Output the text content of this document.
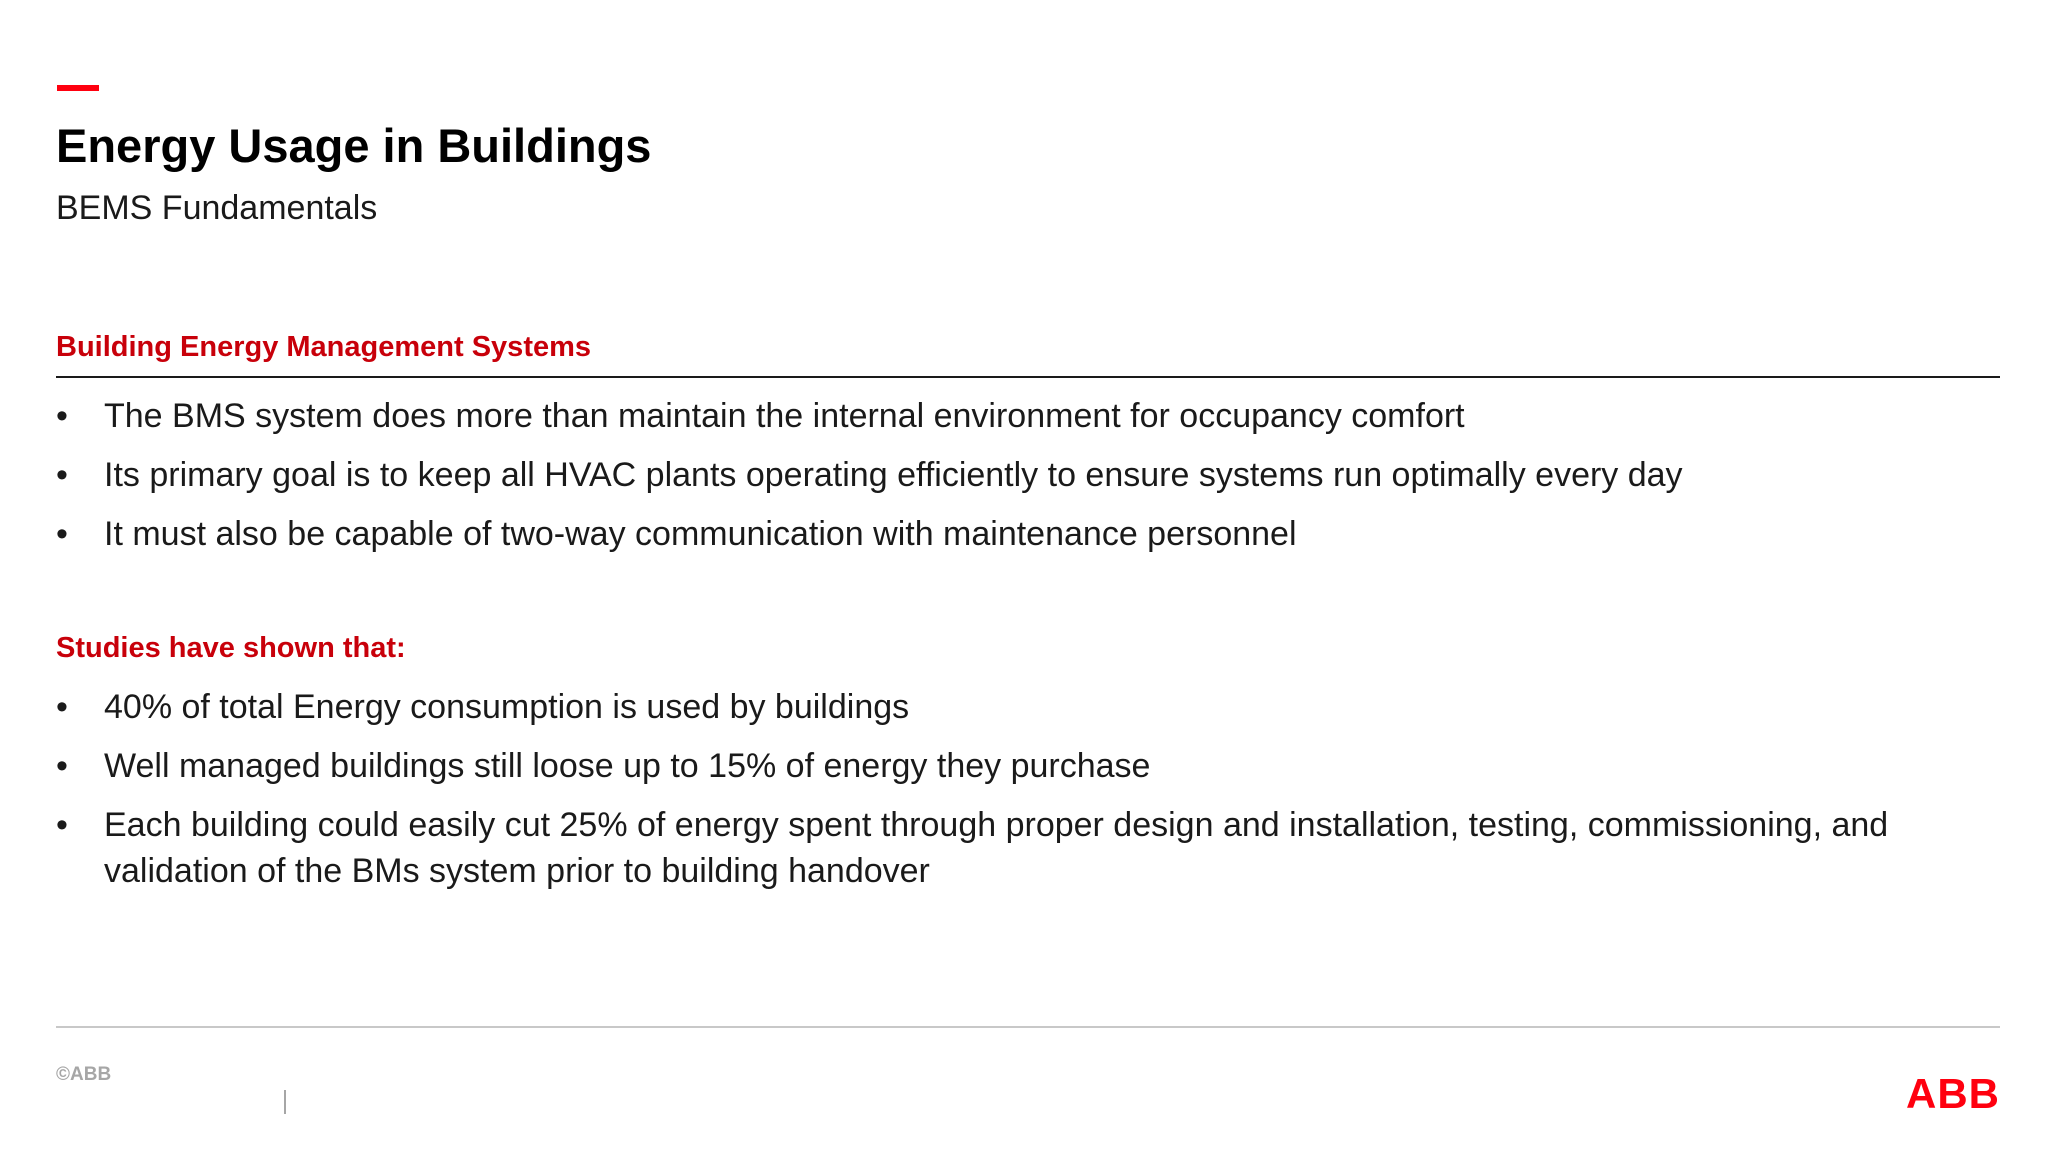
Energy Usage in Buildings

BEMS Fundamentals

Building Energy Management Systems
• The BMS system does more than maintain the internal environment for occupancy comfort
• Its primary goal is to keep all HVAC plants operating efficiently to ensure systems run optimally every day
• It must also be capable of two-way communication with maintenance personnel
Studies have shown that:
• 40% of total Energy consumption is used by buildings
• Well managed buildings still loose up to 15% of energy they purchase
• Each building could easily cut 25% of energy spent through proper design and installation, testing, commissioning, and validation of the BMs system prior to building handover
©ABB	ABB
